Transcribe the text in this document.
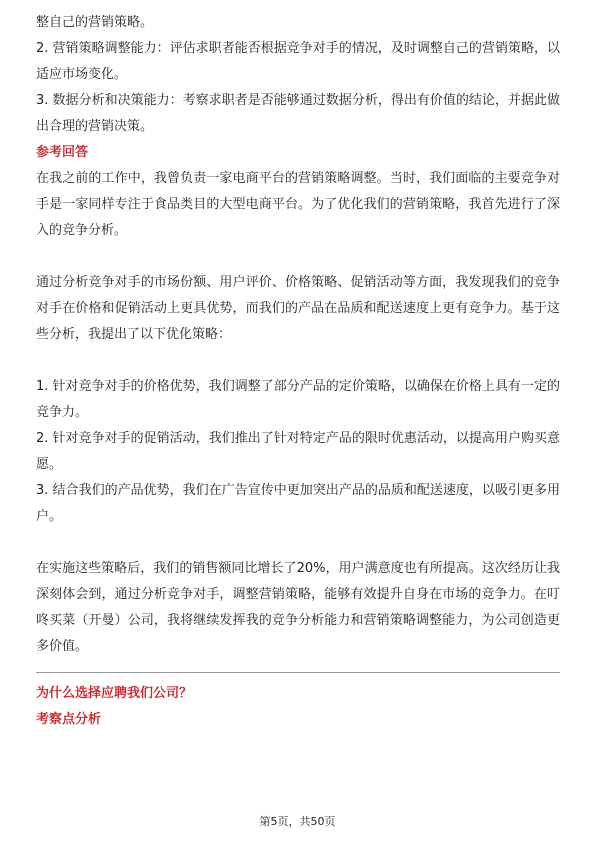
整自己的营销策略。

2. 营销策略调整能力：评估求职者能否根据竞争对手的情况，及时调整自己的营销策略，以适应市场变化。

3. 数据分析和决策能力：考察求职者是否能够通过数据分析，得出有价值的结论，并据此做出合理的营销决策。

参考回答

在我之前的工作中，我曾负责一家电商平台的营销策略调整。当时，我们面临的主要竞争对手是一家同样专注于食品类目的大型电商平台。为了优化我们的营销策略，我首先进行了深入的竞争分析。

通过分析竞争对手的市场份额、用户评价、价格策略、促销活动等方面，我发现我们的竞争对手在价格和促销活动上更具优势，而我们的产品在品质和配送速度上更有竞争力。基于这些分析，我提出了以下优化策略：

1. 针对竞争对手的价格优势，我们调整了部分产品的定价策略，以确保在价格上具有一定的竞争力。

2. 针对竞争对手的促销活动，我们推出了针对特定产品的限时优惠活动，以提高用户购买意愿。

3. 结合我们的产品优势，我们在广告宣传中更加突出产品的品质和配送速度，以吸引更多用户。

在实施这些策略后，我们的销售额同比增长了20%，用户满意度也有所提高。这次经历让我深刻体会到，通过分析竞争对手，调整营销策略，能够有效提升自身在市场的竞争力。在叮咚买菜（开曼）公司，我将继续发挥我的竞争分析能力和营销策略调整能力，为公司创造更多价值。

为什么选择应聘我们公司？

考察点分析

第5页，共50页
